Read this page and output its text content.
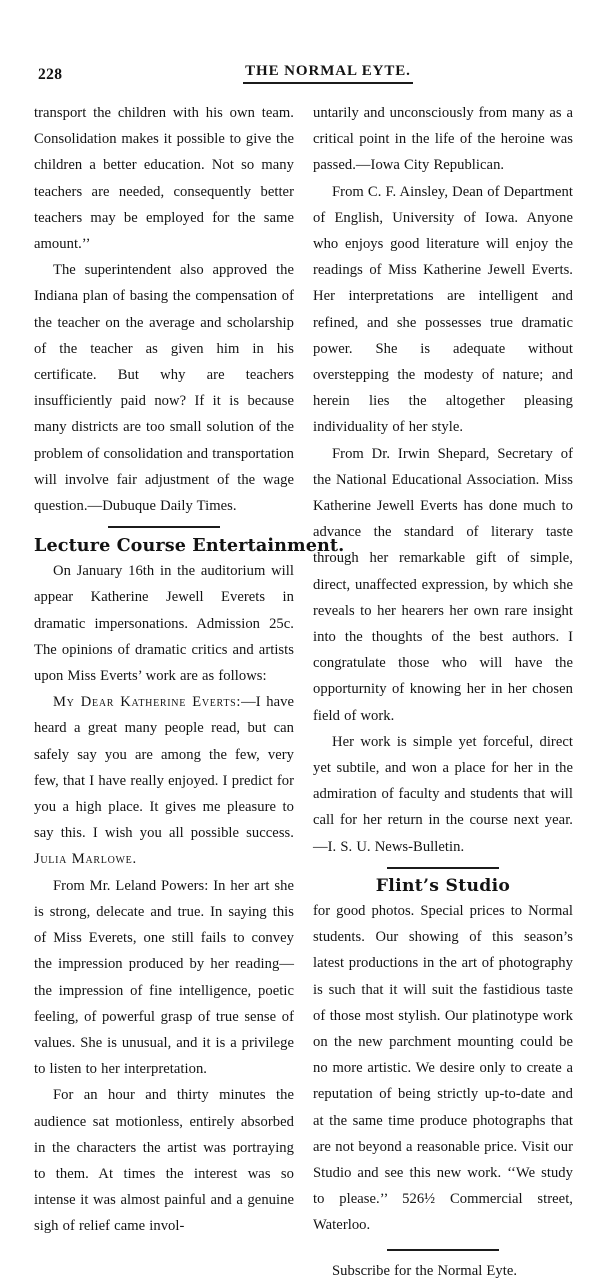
228	THE NORMAL EYTE.

transport the children with his own team. Consolidation makes it possible to give the children a better education. Not so many teachers are needed, consequently better teachers may be employed for the same amount.’’

The superintendent also approved the Indiana plan of basing the compensation of the teacher on the average and scholarship of the teacher as given him in his certificate. But why are teachers insufficiently paid now? If it is because many districts are too small solution of the problem of consolidation and transportation will involve fair adjustment of the wage question.—Dubuque Daily Times.

Lecture Course Entertainment.

On January 16th in the auditorium will appear Katherine Jewell Everets in dramatic impersonations. Admission 25c. The opinions of dramatic critics and artists upon Miss Everts’ work are as follows:

My Dear Katherine Everts:—I have heard a great many people read, but can safely say you are among the few, very few, that I have really enjoyed. I predict for you a high place. It gives me pleasure to say this. I wish you all possible success. Julia Marlowe.

From Mr. Leland Powers: In her art she is strong, delecate and true. In saying this of Miss Everets, one still fails to convey the impression produced by her reading—the impression of fine intelligence, poetic feeling, of powerful grasp of true sense of values. She is unusual, and it is a privilege to listen to her interpretation.

For an hour and thirty minutes the audience sat motionless, entirely absorbed in the characters the artist was portraying to them. At times the interest was so intense it was almost painful and a genuine sigh of relief came invol-

untarily and unconsciously from many as a critical point in the life of the heroine was passed.—Iowa City Republican.

From C. F. Ainsley, Dean of Department of English, University of Iowa. Anyone who enjoys good literature will enjoy the readings of Miss Katherine Jewell Everts. Her interpretations are intelligent and refined, and she possesses true dramatic power. She is adequate without overstepping the modesty of nature; and herein lies the altogether pleasing individuality of her style.

From Dr. Irwin Shepard, Secretary of the National Educational Association. Miss Katherine Jewell Everts has done much to advance the standard of literary taste through her remarkable gift of simple, direct, unaffected expression, by which she reveals to her hearers her own rare insight into the thoughts of the best authors. I congratulate those who will have the opporturnity of knowing her in her chosen field of work.

Her work is simple yet forceful, direct yet subtile, and won a place for her in the admiration of faculty and students that will call for her return in the course next year.—I. S. U. News-Bulletin.

Flint’s Studio

for good photos. Special prices to Normal students. Our showing of this season’s latest productions in the art of photography is such that it will suit the fastidious taste of those most stylish. Our platinotype work on the new parchment mounting could be no more artistic. We desire only to create a reputation of being strictly up-to-date and at the same time produce photographs that are not beyond a reasonable price. Visit our Studio and see this new work. ‘‘We study to please.’’ 526½ Commercial street, Waterloo.

Subscribe for the Normal Eyte.
